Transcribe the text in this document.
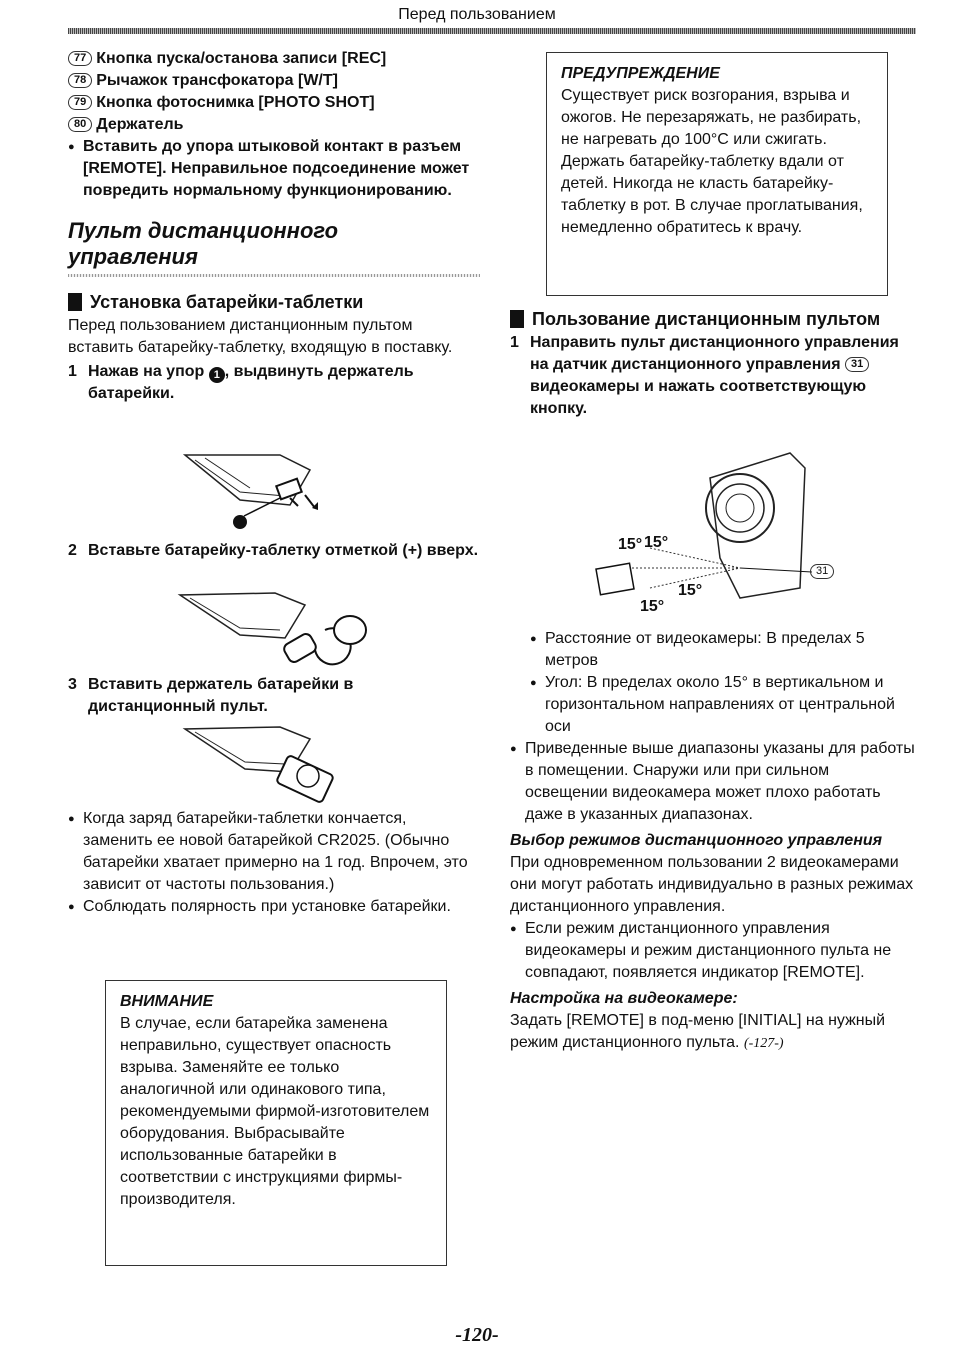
Перед пользованием
77 Кнопка пуска/останова записи [REC]
78 Рычажок трансфокатора [W/T]
79 Кнопка фотоснимка [PHOTO SHOT]
80 Держатель
● Вставить до упора штыковой контакт в разъем [REMOTE]. Неправильное подсоединение может повредить нормальному функционированию.
Пульт дистанционного управления
Установка батарейки-таблетки
Перед пользованием дистанционным пультом вставить батарейку-таблетку, входящую в поставку.
1 Нажав на упор 1 , выдвинуть держатель батарейки.
2 Вставьте батарейку-таблетку отметкой (+) вверх.
3 Вставить держатель батарейки в дистанционный пульт.
● Когда заряд батарейки-таблетки кончается, заменить ее новой батарейкой CR2025. (Обычно батарейки хватает примерно на 1 год. Впрочем, это зависит от частоты пользования.)
● Соблюдать полярность при установке батарейки.
ВНИМАНИЕ
В случае, если батарейка заменена неправильно, существует опасность взрыва. Заменяйте ее только аналогичной или одинакового типа, рекомендуемыми фирмой-изготовителем оборудования. Выбрасывайте использованные батарейки в соответствии с инструкциями фирмы-производителя.
ПРЕДУПРЕЖДЕНИЕ
Существует риск возгорания, взрыва и ожогов. Не перезаряжать, не разбирать, не нагревать до 100°С или сжигать. Держать батарейку-таблетку вдали от детей. Никогда не класть батарейку-таблетку в рот. В случае проглатывания, немедленно обратитесь к врачу.
Пользование дистанционным пультом
1 Направить пульт дистанционного управления на датчик дистанционного управления 31видеокамеры и нажать соответствующую кнопку.
15° 15°
15°
15°
31
● Расстояние от видеокамеры: В пределах 5 метров
● Угол: В пределах около 15° в вертикальном и горизонтальном направлениях от центральной оси
● Приведенные выше диапазоны указаны для работы в помещении. Снаружи или при сильном освещении видеокамера может плохо работать даже в указанных диапазонах.
Выбор режимов дистанционного управления
При одновременном пользовании 2 видеокамерами они могут работать индивидуально в разных режимах дистанционного управления.
● Если режим дистанционного управления видеокамеры и режим дистанционного пульта не совпадают, появляется индикатор [REMOTE].
Настройка на видеокамере:
Задать [REMOTE] в под-меню [INITIAL] на нужный режим дистанционного пульта. (-127-)
-120-
